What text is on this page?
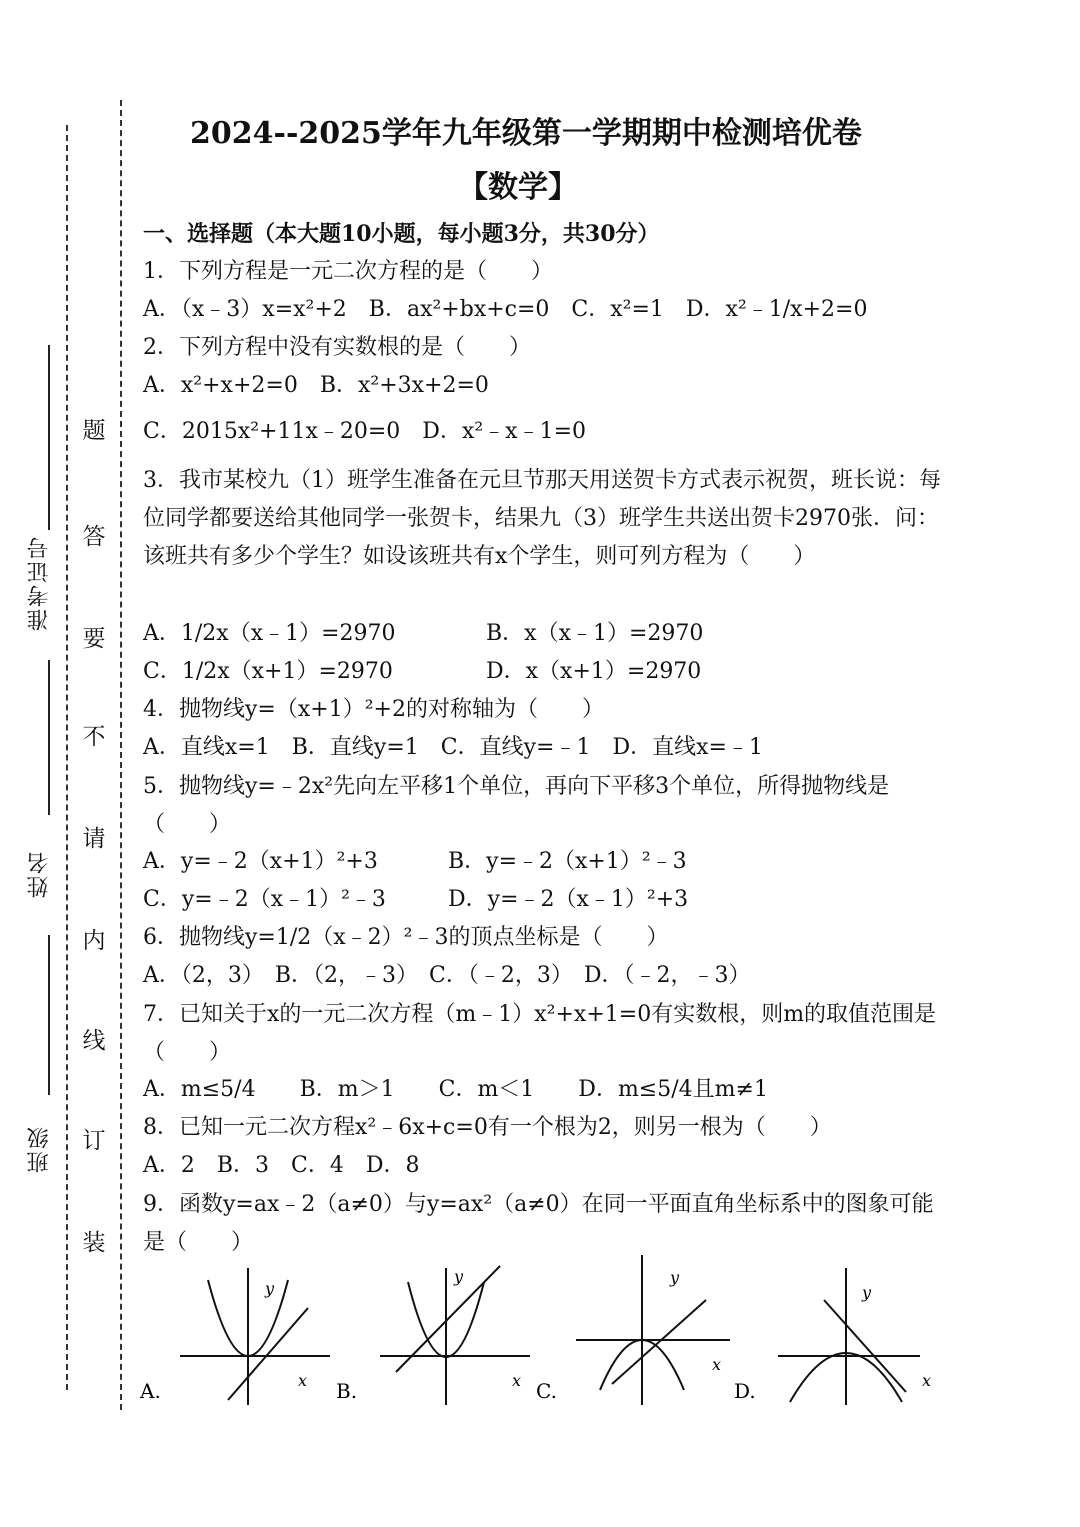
准考证号
姓名
班级
题
答
要
不
请
内
线
订
装
2024--2025学年九年级第一学期期中检测培优卷
【数学】
一、选择题（本大题10小题，每小题3分，共30分）
1．下列方程是一元二次方程的是（　　）
A．（x﹣3）x=x²+2　B．ax²+bx+c=0　C．x²=1　D．x²﹣1/x+2=0
2．下列方程中没有实数根的是（　　）
A．x²+x+2=0　B．x²+3x+2=0
C．2015x²+11x﹣20=0　D．x²﹣x﹣1=0
3．我市某校九（1）班学生准备在元旦节那天用送贺卡方式表示祝贺，班长说：每位同学都要送给其他同学一张贺卡，结果九（3）班学生共送出贺卡2970张．问：该班共有多少个学生？如设该班共有x个学生，则可列方程为（　　）
A．1/2x（x﹣1）=2970	B．x（x﹣1）=2970
C．1/2x（x+1）=2970	D．x（x+1）=2970
4．抛物线y=（x+1）²+2的对称轴为（　　）
A．直线x=1　B．直线y=1　C．直线y=﹣1　D．直线x=﹣1
5．抛物线y=﹣2x²先向左平移1个单位，再向下平移3个单位，所得抛物线是（　　）
A．y=﹣2（x+1）²+3	B．y=﹣2（x+1）²﹣3
C．y=﹣2（x﹣1）²﹣3	D．y=﹣2（x﹣1）²+3
6．抛物线y=1/2（x﹣2）²﹣3的顶点坐标是（　　）
A．（2，3）　B．（2，﹣3）　C．（﹣2，3）　D．（﹣2，﹣3）
7．已知关于x的一元二次方程（m﹣1）x²+x+1=0有实数根，则m的取值范围是（　　）
A．m≤5/4　　B．m＞1　　C．m＜1　　D．m≤5/4且m≠1
8．已知一元二次方程x²﹣6x+c=0有一个根为2，则另一根为（　　）
A．2　B．3　C．4　D．8
9．函数y=ax﹣2（a≠0）与y=ax²（a≠0）在同一平面直角坐标系中的图象可能是（　　）
A.	x
y
B.	x
y
C.
x
y
D.	x
y
